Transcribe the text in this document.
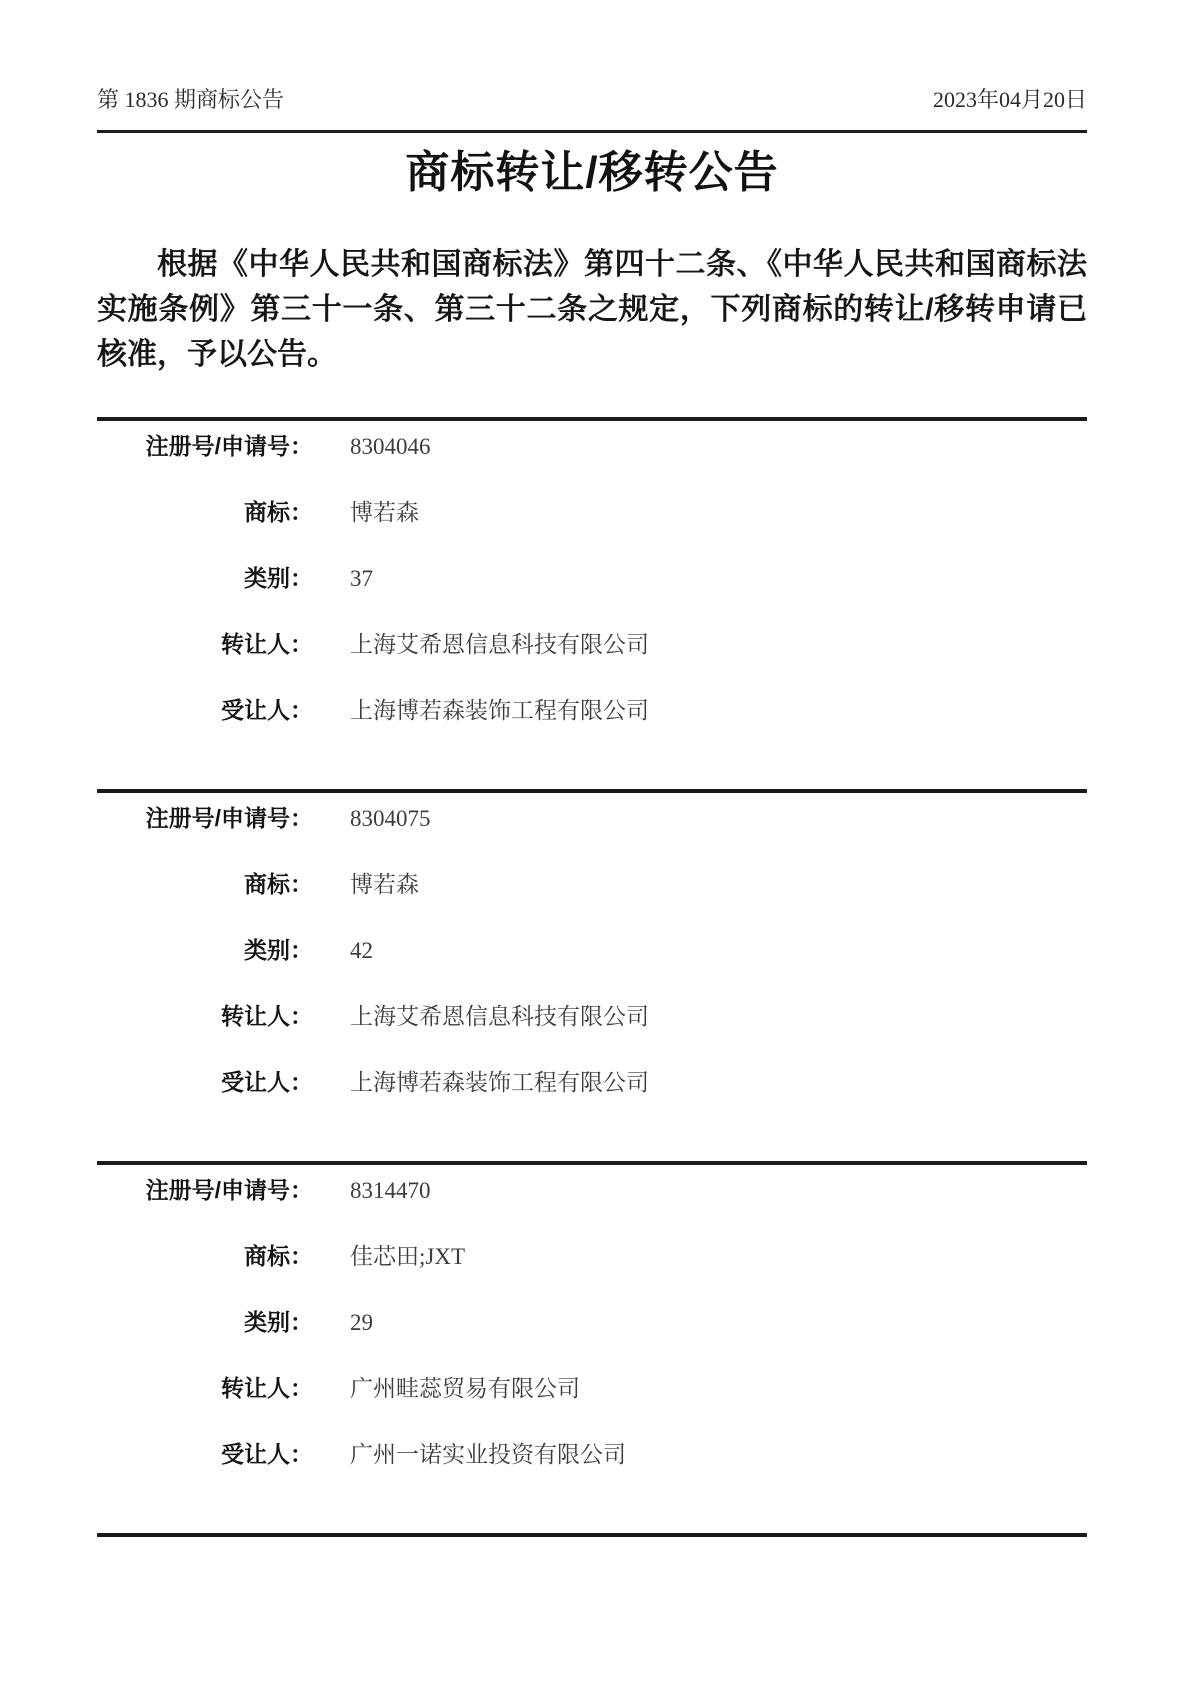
第 1836 期商标公告	2023年04月20日
商标转让/移转公告

根据《中华人民共和国商标法》第四十二条、《中华人民共和国商标法实施条例》第三十一条、第三十二条之规定，下列商标的转让/移转申请已核准，予以公告。

注册号/申请号： 8304046
商标： 博若森
类别： 37
转让人： 上海艾希恩信息科技有限公司
受让人： 上海博若森装饰工程有限公司
注册号/申请号： 8304075
商标： 博若森
类别： 42
转让人： 上海艾希恩信息科技有限公司
受让人： 上海博若森装饰工程有限公司
注册号/申请号： 8314470
商标： 佳芯田;JXT
类别： 29
转让人： 广州畦蕊贸易有限公司
受让人： 广州一诺实业投资有限公司
